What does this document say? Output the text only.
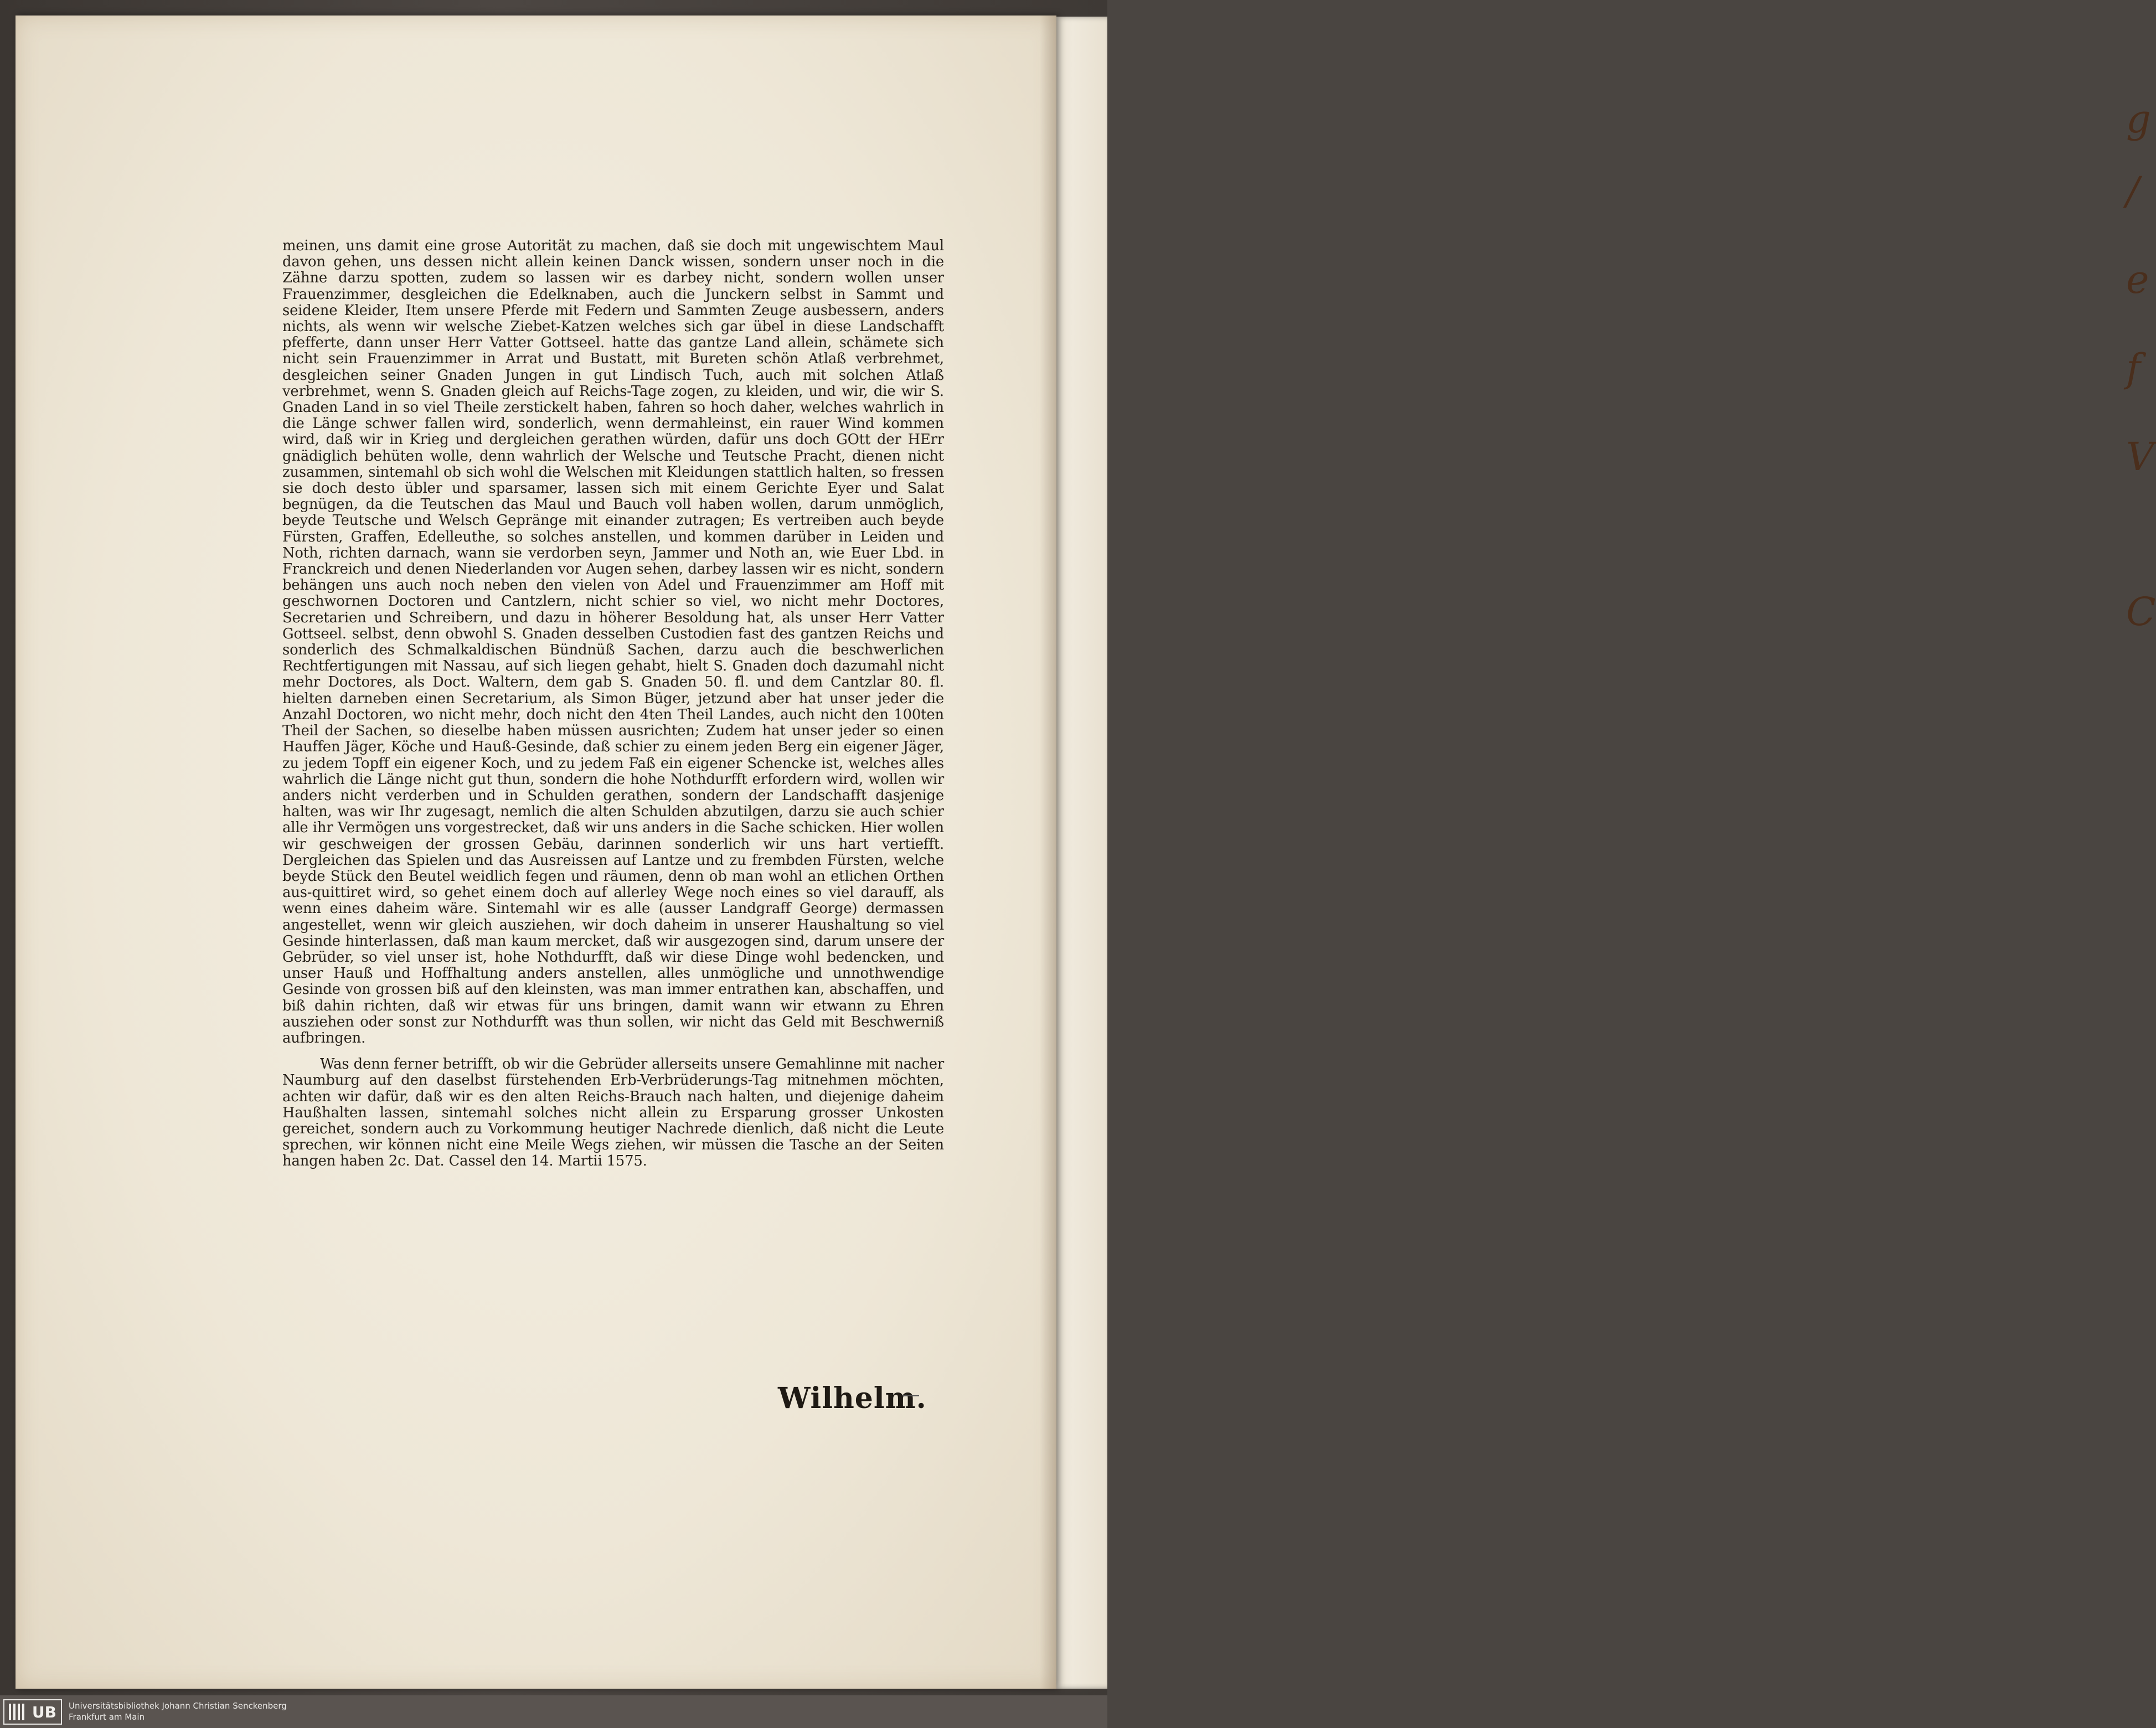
g
/
e
f
V
C

meinen, uns damit eine grose Autorität zu machen, daß sie doch mit ungewischtem Maul davon gehen, uns dessen nicht allein keinen Danck wissen, sondern unser noch in die Zähne darzu spotten, zudem so lassen wir es darbey nicht, sondern wollen unser Frauenzimmer, desgleichen die Edelknaben, auch die Junckern selbst in Sammt und seidene Kleider, Item unsere Pferde mit Federn und Sammten Zeuge ausbessern, anders nichts, als wenn wir welsche Ziebet-Katzen welches sich gar übel in diese Landschafft pfefferte, dann unser Herr Vatter Gottseel. hatte das gantze Land allein, schämete sich nicht sein Frauenzimmer in Arrat und Bustatt, mit Bureten schön Atlaß verbrehmet, desgleichen seiner Gnaden Jungen in gut Lindisch Tuch, auch mit solchen Atlaß verbrehmet, wenn S. Gnaden gleich auf Reichs-Tage zogen, zu kleiden, und wir, die wir S. Gnaden Land in so viel Theile zerstickelt haben, fahren so hoch daher, welches wahrlich in die Länge schwer fallen wird, sonderlich, wenn dermahleinst, ein rauer Wind kommen wird, daß wir in Krieg und dergleichen gerathen würden, dafür uns doch GOtt der HErr gnädiglich behüten wolle, denn wahrlich der Welsche und Teutsche Pracht, dienen nicht zusammen, sintemahl ob sich wohl die Welschen mit Kleidungen stattlich halten, so fressen sie doch desto übler und sparsamer, lassen sich mit einem Gerichte Eyer und Salat begnügen, da die Teutschen das Maul und Bauch voll haben wollen, darum unmöglich, beyde Teutsche und Welsch Gepränge mit einander zutragen; Es vertreiben auch beyde Fürsten, Graffen, Edelleuthe, so solches anstellen, und kommen darüber in Leiden und Noth, richten darnach, wann sie verdorben seyn, Jammer und Noth an, wie Euer Lbd. in Franckreich und denen Niederlanden vor Augen sehen, darbey lassen wir es nicht, sondern behängen uns auch noch neben den vielen von Adel und Frauenzimmer am Hoff mit geschwornen Doctoren und Cantzlern, nicht schier so viel, wo nicht mehr Doctores, Secretarien und Schreibern, und dazu in höherer Besoldung hat, als unser Herr Vatter Gottseel. selbst, denn obwohl S. Gnaden desselben Custodien fast des gantzen Reichs und sonderlich des Schmalkaldischen Bündnüß Sachen, darzu auch die beschwerlichen Rechtfertigungen mit Nassau, auf sich liegen gehabt, hielt S. Gnaden doch dazumahl nicht mehr Doctores, als Doct. Waltern, dem gab S. Gnaden 50. fl. und dem Cantzlar 80. fl. hielten darneben einen Secretarium, als Simon Büger, jetzund aber hat unser jeder die Anzahl Doctoren, wo nicht mehr, doch nicht den 4ten Theil Landes, auch nicht den 100ten Theil der Sachen, so dieselbe haben müssen ausrichten; Zudem hat unser jeder so einen Hauffen Jäger, Köche und Hauß-Gesinde, daß schier zu einem jeden Berg ein eigener Jäger, zu jedem Topff ein eigener Koch, und zu jedem Faß ein eigener Schencke ist, welches alles wahrlich die Länge nicht gut thun, sondern die hohe Nothdurfft erfordern wird, wollen wir anders nicht verderben und in Schulden gerathen, sondern der Landschafft dasjenige halten, was wir Ihr zugesagt, nemlich die alten Schulden abzutilgen, darzu sie auch schier alle ihr Vermögen uns vorgestrecket, daß wir uns anders in die Sache schicken. Hier wollen wir geschweigen der grossen Gebäu, darinnen sonderlich wir uns hart vertiefft. Dergleichen das Spielen und das Ausreissen auf Lantze und zu frembden Fürsten, welche beyde Stück den Beutel weidlich fegen und räumen, denn ob man wohl an etlichen Orthen aus-quittiret wird, so gehet einem doch auf allerley Wege noch eines so viel darauff, als wenn eines daheim wäre. Sintemahl wir es alle (ausser Landgraff George) dermassen angestellet, wenn wir gleich ausziehen, wir doch daheim in unserer Haushaltung so viel Gesinde hinterlassen, daß man kaum mercket, daß wir ausgezogen sind, darum unsere der Gebrüder, so viel unser ist, hohe Nothdurfft, daß wir diese Dinge wohl bedencken, und unser Hauß und Hoffhaltung anders anstellen, alles unmögliche und unnothwendige Gesinde von grossen biß auf den kleinsten, was man immer entrathen kan, abschaffen, und biß dahin richten, daß wir etwas für uns bringen, damit wann wir etwann zu Ehren ausziehen oder sonst zur Nothdurfft was thun sollen, wir nicht das Geld mit Beschwerniß aufbringen.

Was denn ferner betrifft, ob wir die Gebrüder allerseits unsere Gemahlinne mit nacher Naumburg auf den daselbst fürstehenden Erb-Verbrüderungs-Tag mitnehmen möchten, achten wir dafür, daß wir es den alten Reichs-Brauch nach halten, und diejenige daheim Haußhalten lassen, sintemahl solches nicht allein zu Ersparung grosser Unkosten gereichet, sondern auch zu Vorkommung heutiger Nachrede dienlich, daß nicht die Leute sprechen, wir können nicht eine Meile Wegs ziehen, wir müssen die Tasche an der Seiten hangen haben 2c. Dat. Cassel den 14. Martii 1575.

Wilhelm.
UB Universitätsbibliothek Johann Christian Senckenberg
Frankfurt am Main
